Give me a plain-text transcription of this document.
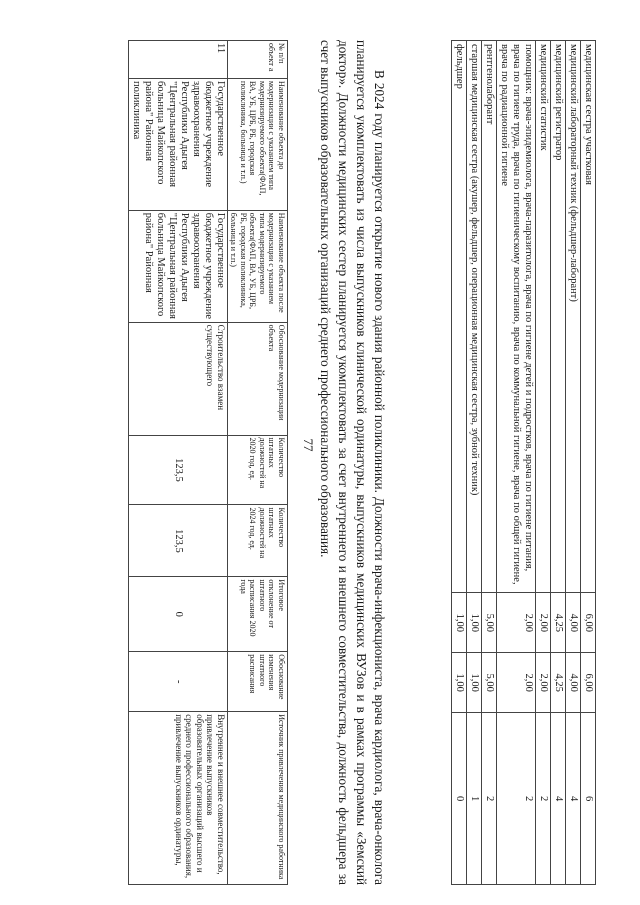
77
медицинская сестра участковая	6,00	6,00	6
медицинский лабораторный техник (фельдшер-лаборант)	4,00	4,00	4
медицинский регистратор	4,25	4,25	4
медицинский статистик	2,00	2,00	2
помощник: врача-эпидемиолога, врача-паразитолога, врача по гигиене детей и подростков, врача по гигиене питания, врача по гигиене труда, врача по гигиеническому воспитанию, врача по коммунальной гигиене, врача по общей гигиене, врача по радиационной гигиене	2,00	2,00	2
рентгенолаборант	5,00	5,00	2
старшая медицинская сестра (акушер, фельдшер, операционная медицинская сестра, зубной техник)	1,00	1,00	1
фельдшер	1,00	1,00	0

В 2024 году планируется открытие нового здания районной поликлиники. Должности врача-инфекциониста, врача кардиолога, врача-онколога планируется укомплектовать из числа выпускников клинической ординатуры, выпускников медицинских ВУЗов и в рамках программы «Земский доктор». Должности медицинских сестер планируется укомплектовать за счет внутреннего и внешнего совместительства, должность фельдшера за счет выпускников образовательных организаций среднего профессионального образования.

№ п/п объект а	Наименование объекта до модернизации с указанием типа модернизируемого объекта(ФАП, ВА, УБ, ЦРБ, РБ, городская поликлиника, больница и т.п.)	Наименование объекта после модернизации с указанием типа модернизируемого объекта(ФАП, ВА, УБ, ЦРБ, РБ, городская поликлиника, больница и т.п.)	Обоснование модернизации объекта	Количество штатных должностей на 2020 год, ед.	Количество штатных должностей на 2024 год, ед.	Итоговое отклонение от штатного расписания 2020 года	Обоснование изменения штатного расписания	Источник привлечения медицинского работника
11	Государственное бюджетное учреждение здравоохранения Республики Адыгея "Центральная районная больница Майкопского района" Районная поликлиника	Государственное бюджетное учреждение здравоохранения Республики Адыгея "Центральная районная больница Майкопского района" Районная	Строительство взамен существующего	123,5	123,5	0	-	Внутреннее и внешнее совместительство, привлечение выпускников образовательных организаций высшего и среднего профессионального образования, привлечение выпускников ординатуры,
